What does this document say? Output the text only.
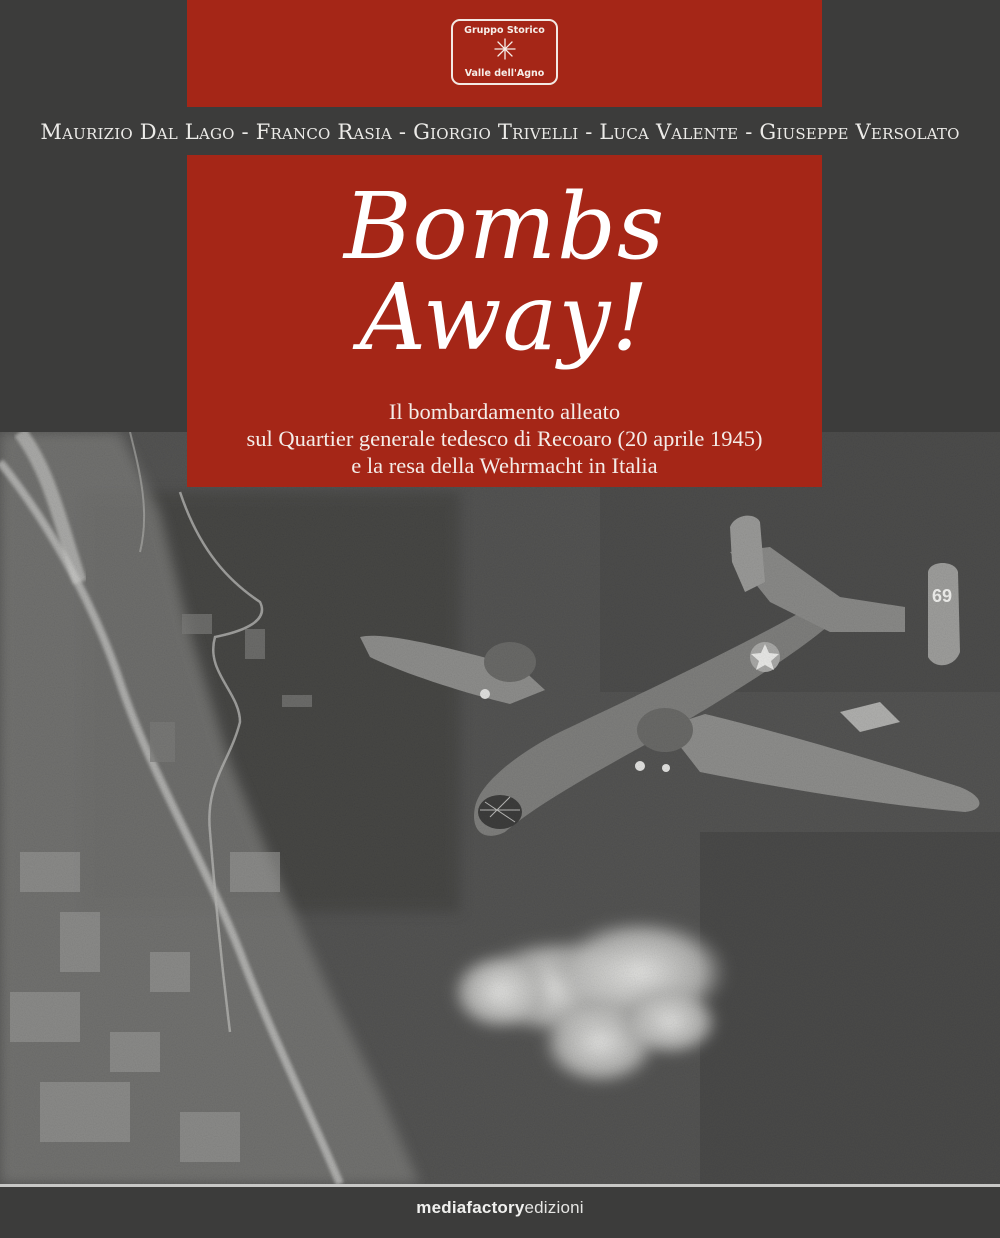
Gruppo Storico
Valle dell'Agno
Maurizio Dal Lago - Franco Rasia - Giorgio Trivelli - Luca Valente - Giuseppe Versolato
69
mediafactoryedizioni
Bombs
Away!
Il bombardamento alleato
sul Quartier generale tedesco di Recoaro (20 aprile 1945)
e la resa della Wehrmacht in Italia
